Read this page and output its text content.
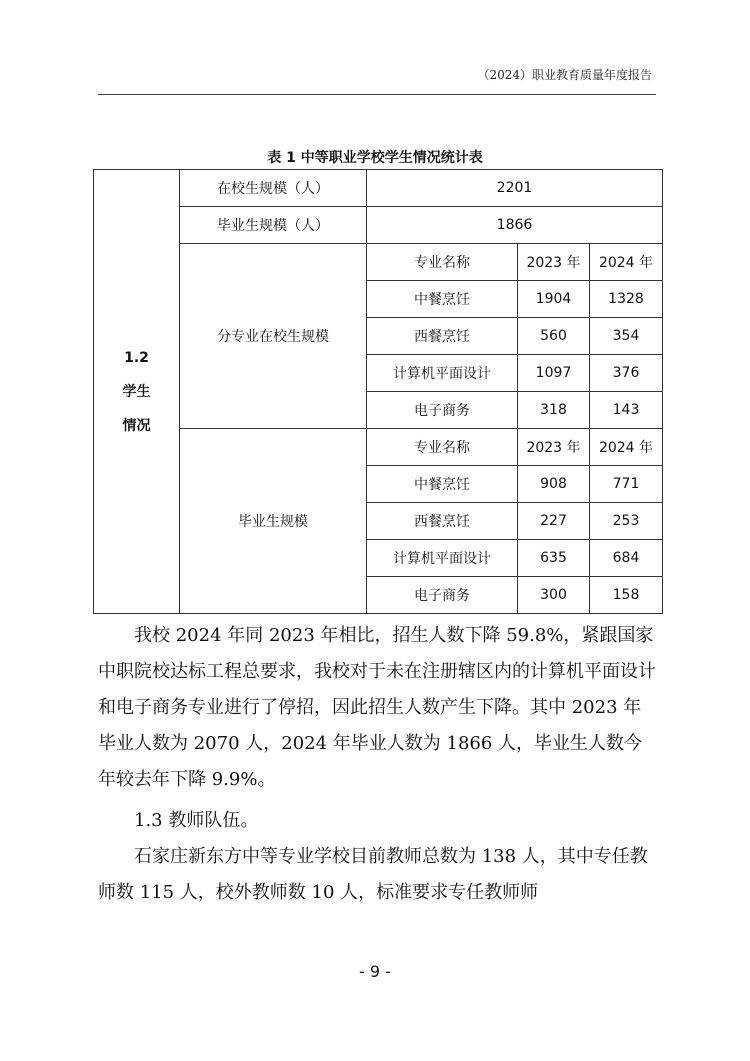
（2024）职业教育质量年度报告
表 1 中等职业学校学生情况统计表
1.2
学生
情况	在校生规模（人）	2201		
	毕业生规模（人）	1866		
	分专业在校生规模	专业名称	2023 年	2024 年
		中餐烹饪	1904	1328
		西餐烹饪	560	354
		计算机平面设计	1097	376
		电子商务	318	143
	毕业生规模	专业名称	2023 年	2024 年
		中餐烹饪	908	771
		西餐烹饪	227	253
		计算机平面设计	635	684
		电子商务	300	158
我校 2024 年同 2023 年相比，招生人数下降 59.8%，紧跟国家中职院校达标工程总要求，我校对于未在注册辖区内的计算机平面设计和电子商务专业进行了停招，因此招生人数产生下降。其中 2023 年毕业人数为 2070 人，2024 年毕业人数为 1866 人，毕业生人数今年较去年下降 9.9%。
1.3 教师队伍。
石家庄新东方中等专业学校目前教师总数为 138 人，其中专任教师数 115 人，校外教师数 10 人，标准要求专任教师师
- 9 -
